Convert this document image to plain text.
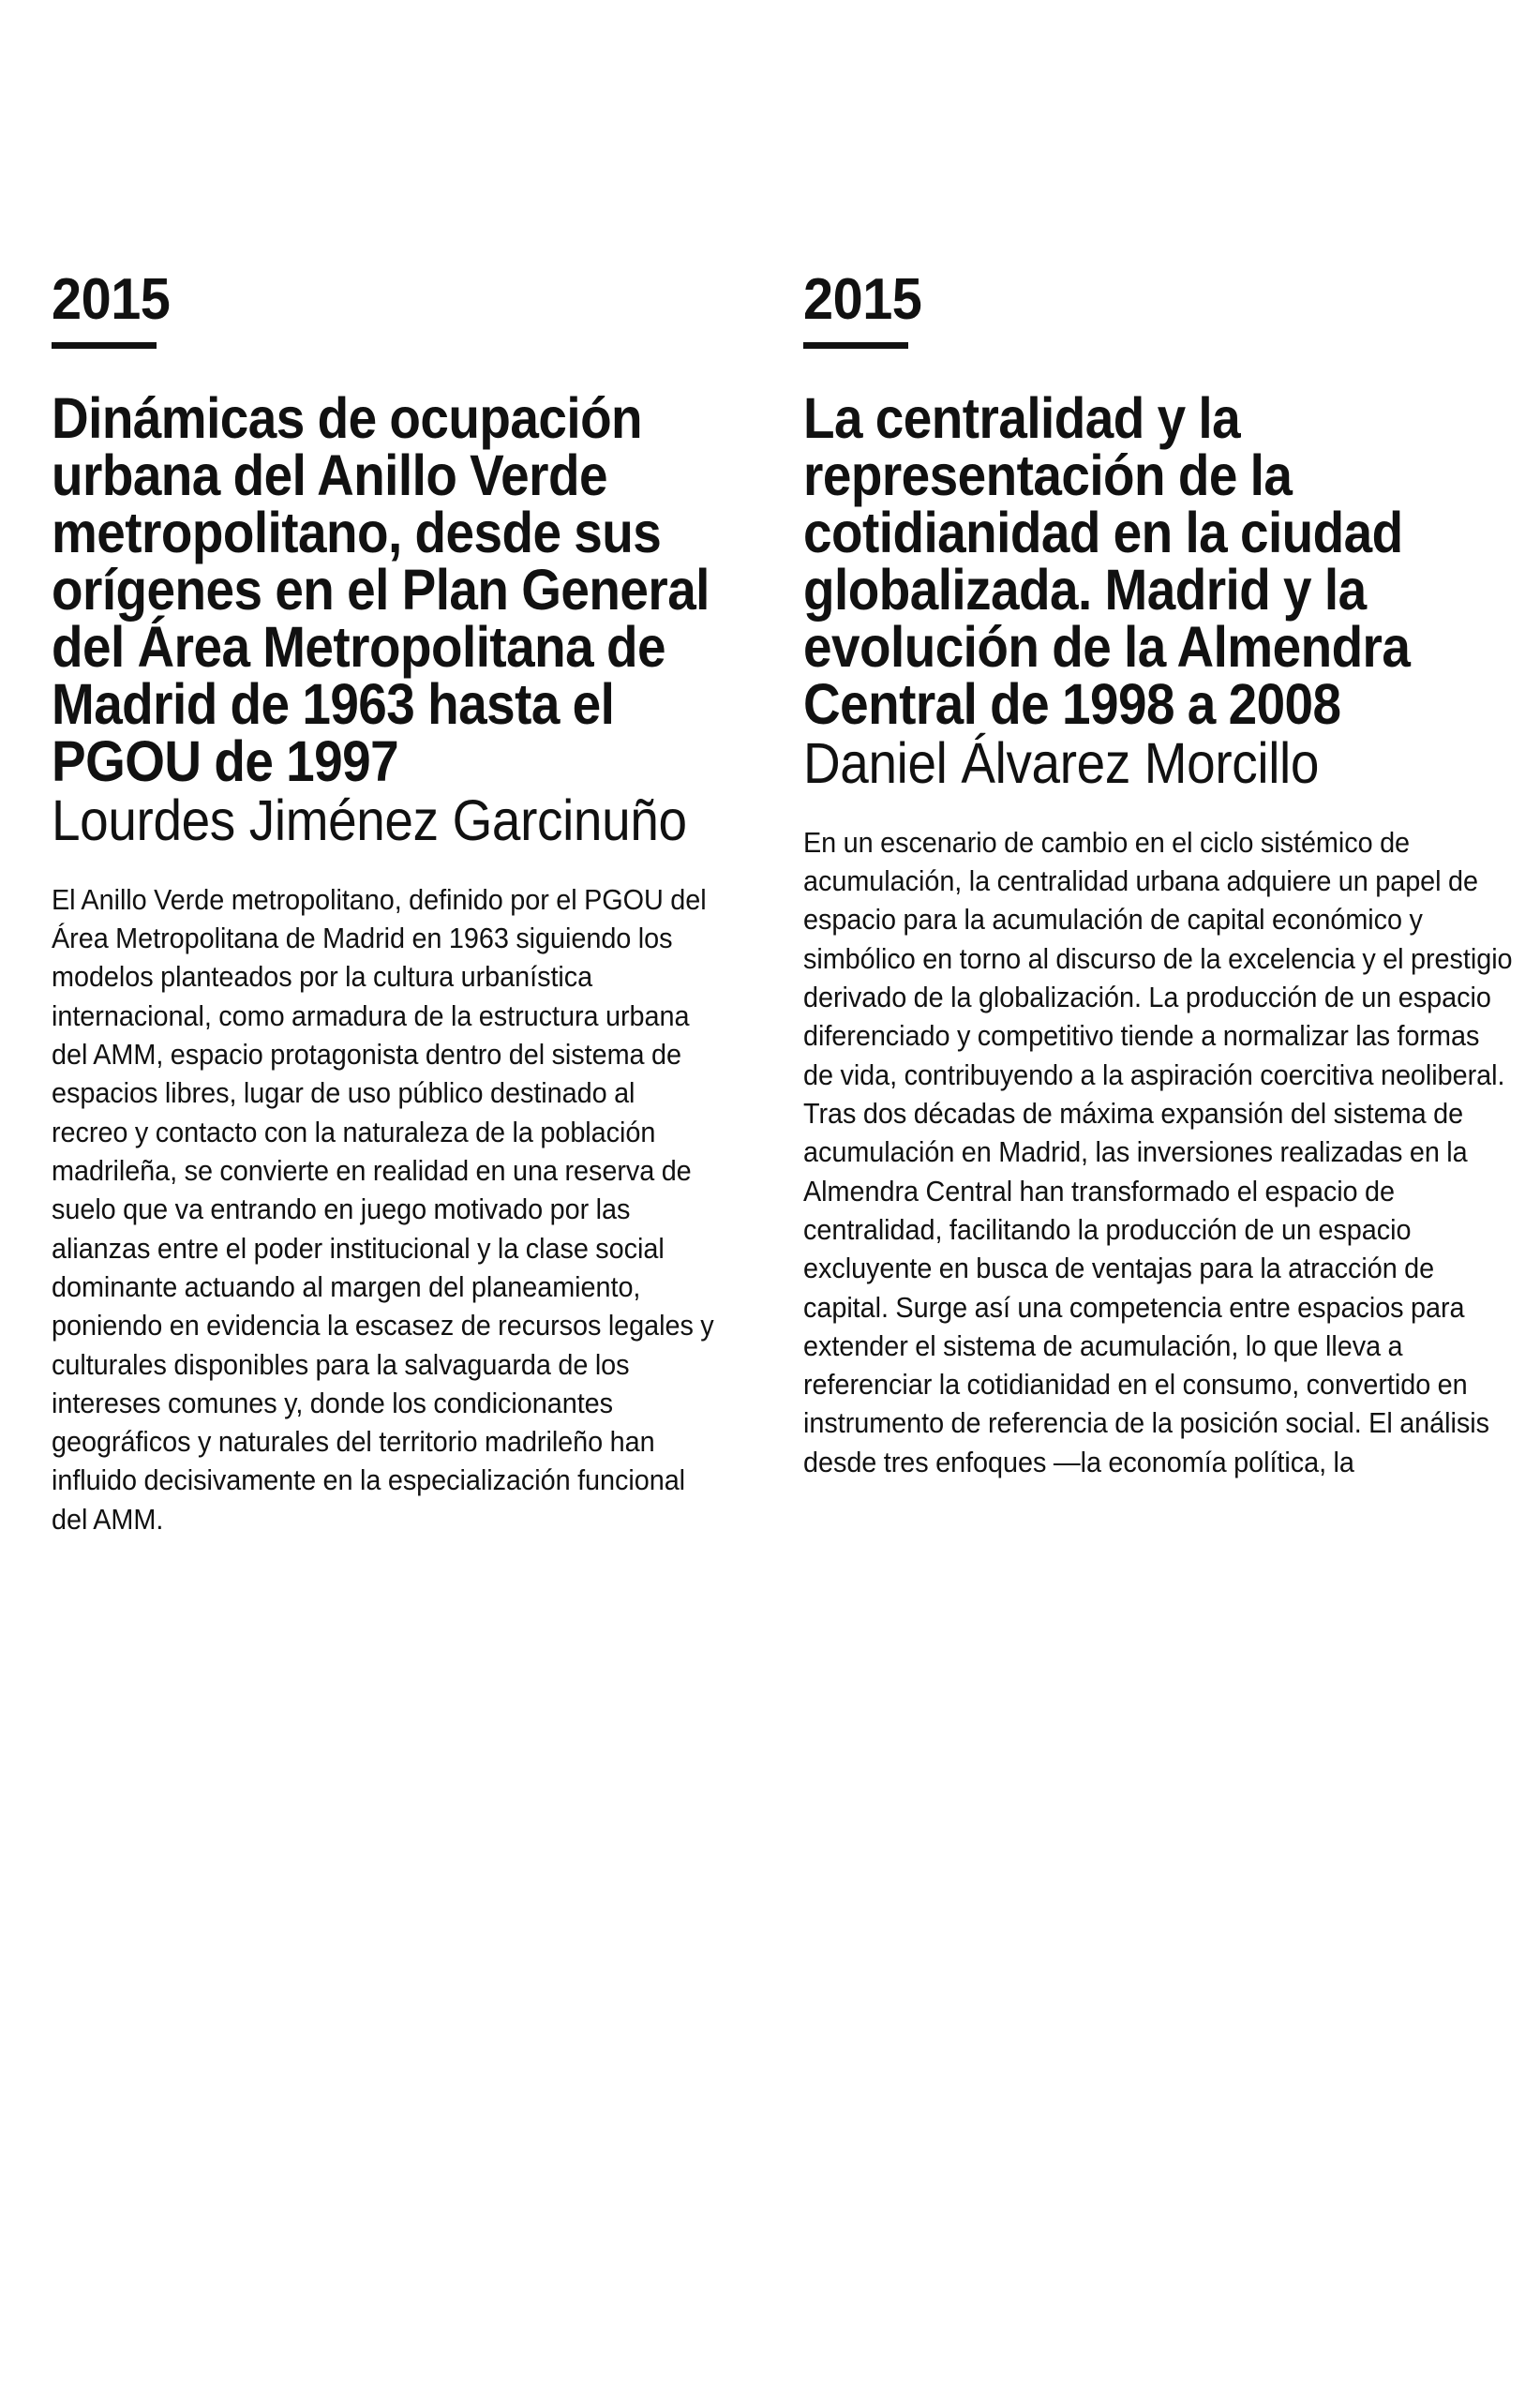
2015
Dinámicas de ocupación urbana del Anillo Verde metropolitano, desde sus orígenes en el Plan General del Área Metropolitana de Madrid de 1963 hasta el PGOU de 1997
Lourdes Jiménez Garcinuño

El Anillo Verde metropolitano, definido por el PGOU del Área Metropolitana de Madrid en 1963 siguiendo los modelos planteados por la cultura urbanística internacional, como armadura de la estructura urbana del AMM, espacio protagonista dentro del sistema de espacios libres, lugar de uso público destinado al recreo y contacto con la naturaleza de la población madrileña, se convierte en realidad en una reserva de suelo que va entrando en juego motivado por las alianzas entre el poder institucional y la clase social dominante actuando al margen del planeamiento, poniendo en evidencia la escasez de recursos legales y culturales disponibles para la salvaguarda de los intereses comunes y, donde los condicionantes geográficos y naturales del territorio madrileño han influido decisivamente en la especialización funcional del AMM.

2015
La centralidad y la representación de la cotidianidad en la ciudad globalizada. Madrid y la evolución de la Almendra Central de 1998 a 2008
Daniel Álvarez Morcillo

En un escenario de cambio en el ciclo sistémico de acumulación, la centralidad urbana adquiere un papel de espacio para la acumulación de capital económico y simbólico en torno al discurso de la excelencia y el prestigio derivado de la globalización. La producción de un espacio diferenciado y competitivo tiende a normalizar las formas de vida, contribuyendo a la aspiración coercitiva neoliberal. Tras dos décadas de máxima expansión del sistema de acumulación en Madrid, las inversiones realizadas en la Almendra Central han transformado el espacio de centralidad, facilitando la producción de un espacio excluyente en busca de ventajas para la atracción de capital. Surge así una competencia entre espacios para extender el sistema de acumulación, lo que lleva a referenciar la cotidianidad en el consumo, convertido en instrumento de referencia de la posición social. El análisis desde tres enfoques —la economía política, la
